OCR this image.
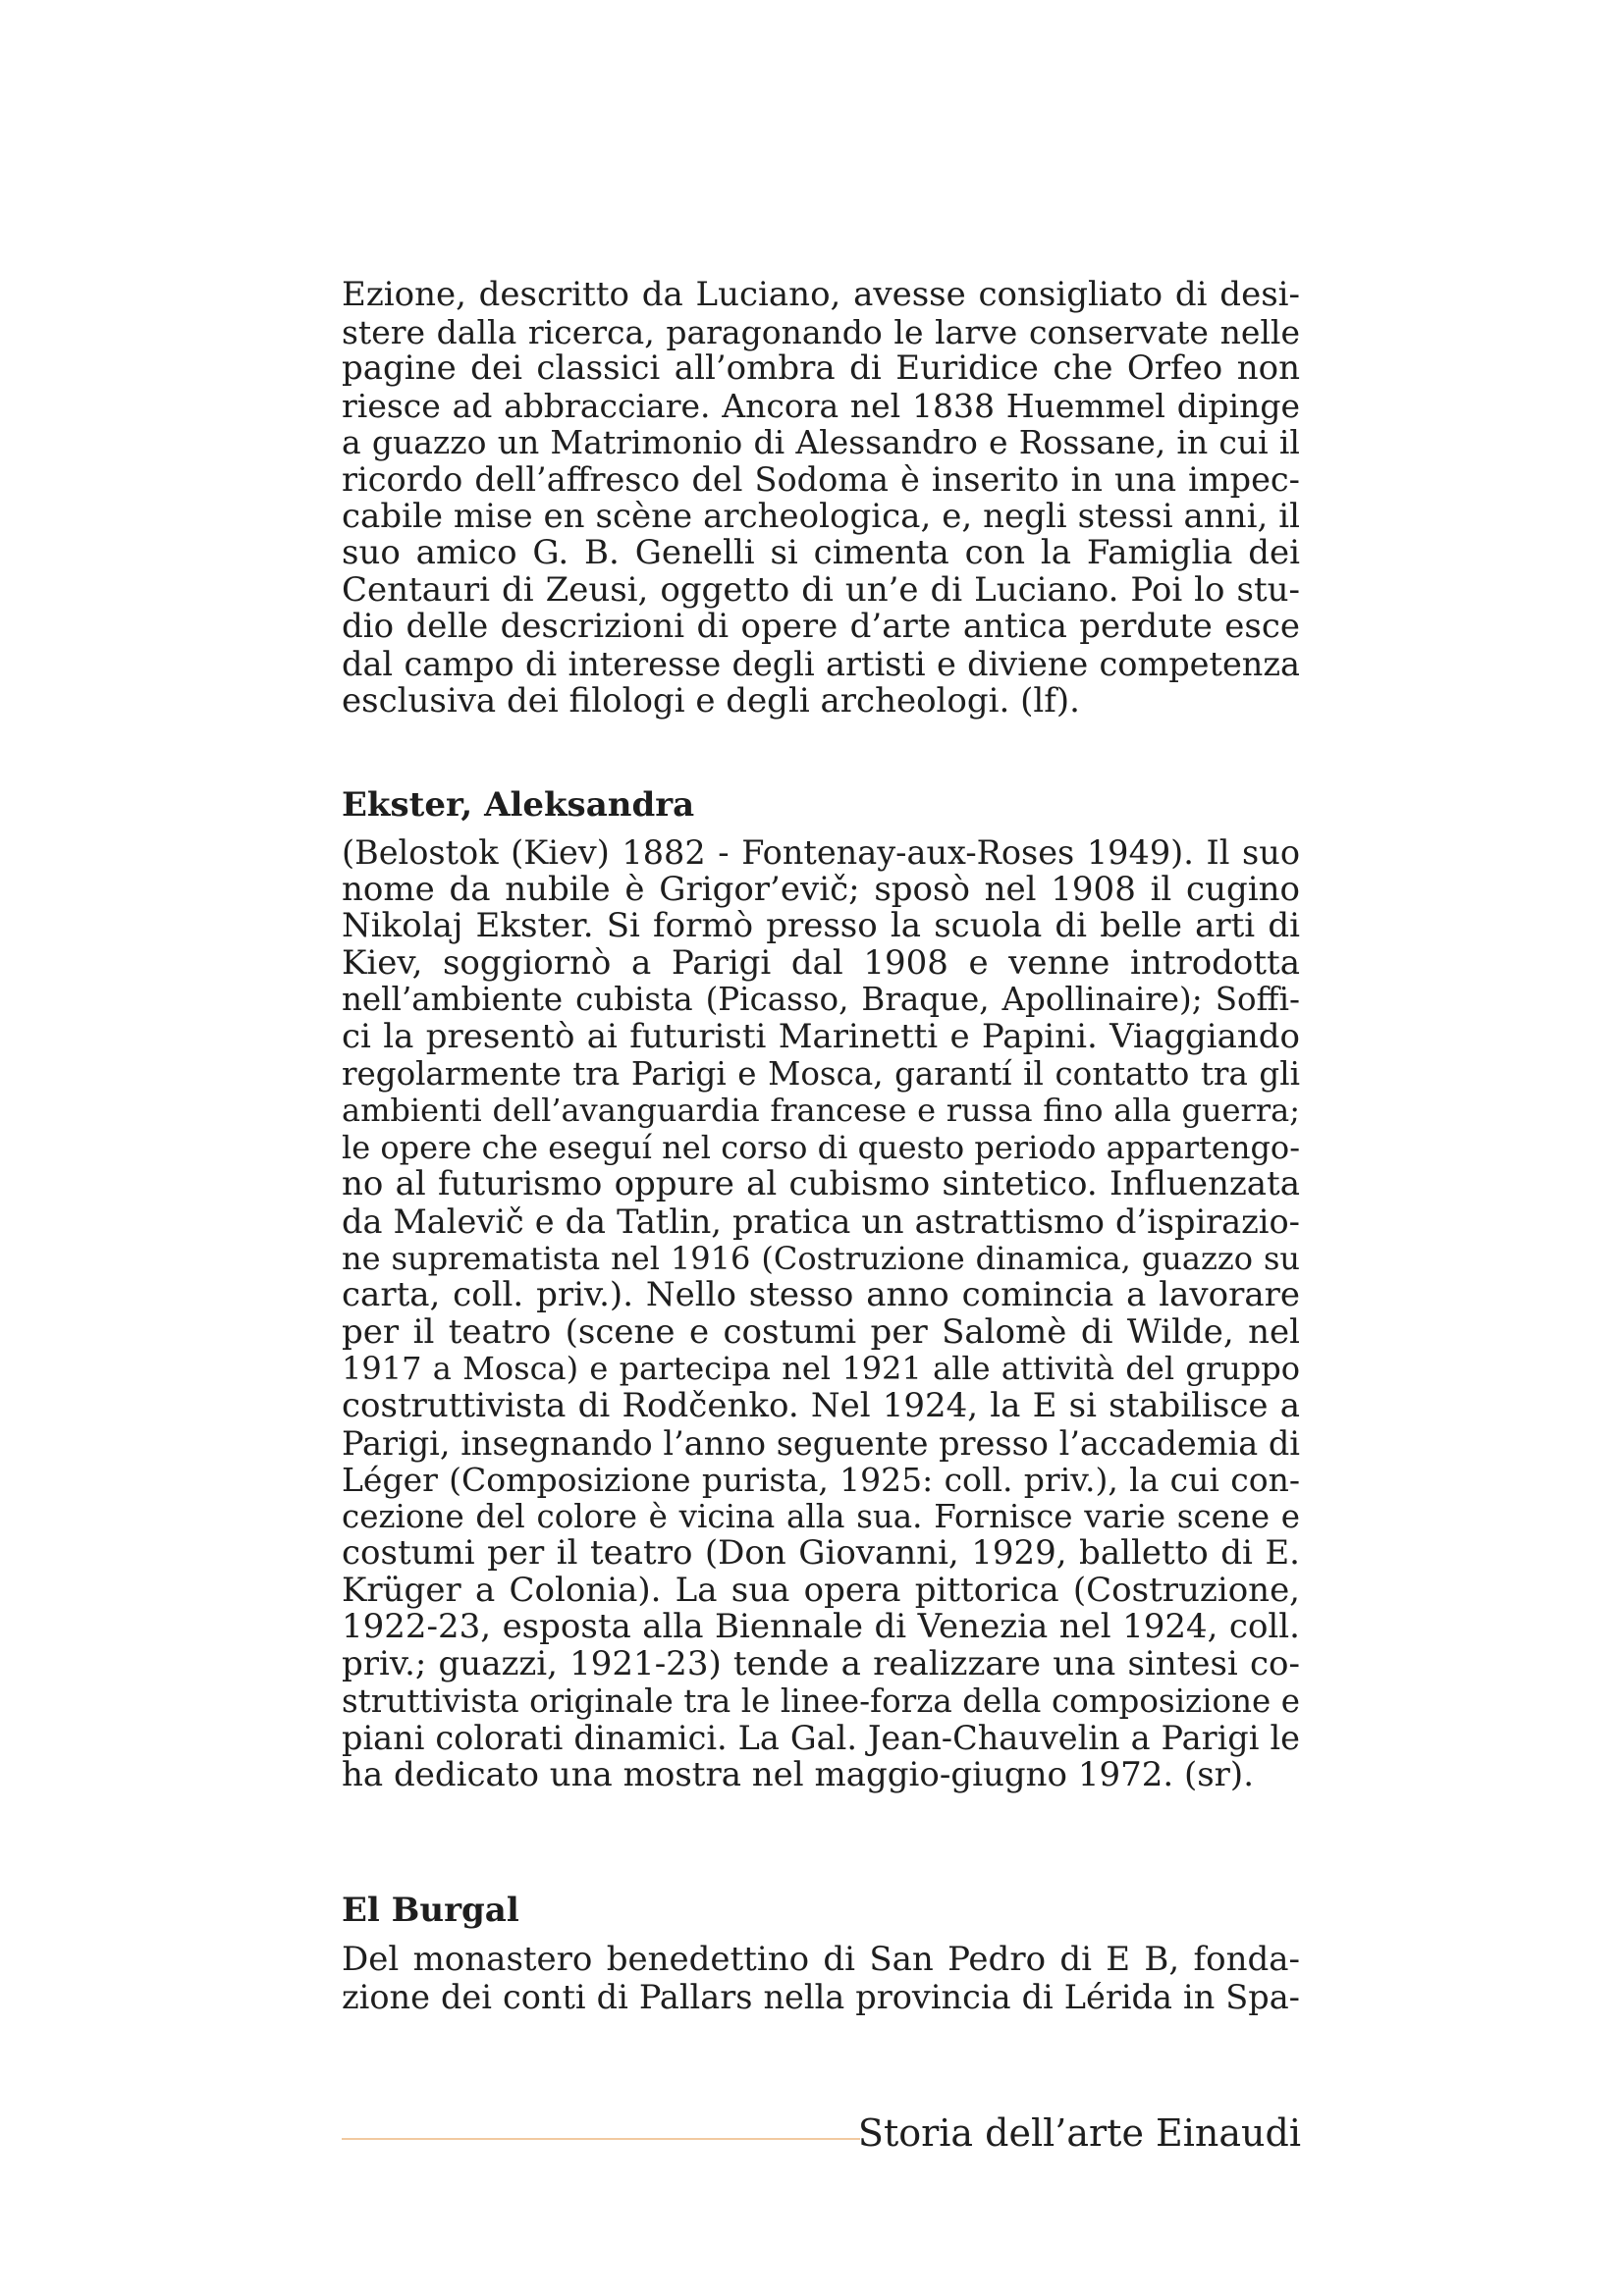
Ezione, descritto da Luciano, avesse consigliato di desi-
stere dalla ricerca, paragonando le larve conservate nelle
pagine dei classici all’ombra di Euridice che Orfeo non
riesce ad abbracciare. Ancora nel 1838 Huemmel dipinge
a guazzo un Matrimonio di Alessandro e Rossane, in cui il
ricordo dell’affresco del Sodoma è inserito in una impec-
cabile mise en scène archeologica, e, negli stessi anni, il
suo amico G. B. Genelli si cimenta con la Famiglia dei
Centauri di Zeusi, oggetto di un’e di Luciano. Poi lo stu-
dio delle descrizioni di opere d’arte antica perdute esce
dal campo di interesse degli artisti e diviene competenza
esclusiva dei filologi e degli archeologi. (lf).
Ekster, Aleksandra
(Belostok (Kiev) 1882 - Fontenay-aux-Roses 1949). Il suo
nome da nubile è Grigor’evič; sposò nel 1908 il cugino
Nikolaj Ekster. Si formò presso la scuola di belle arti di
Kiev, soggiornò a Parigi dal 1908 e venne introdotta
nell’ambiente cubista (Picasso, Braque, Apollinaire); Soffi-
ci la presentò ai futuristi Marinetti e Papini. Viaggiando
regolarmente tra Parigi e Mosca, garantí il contatto tra gli
ambienti dell’avanguardia francese e russa fino alla guerra;
le opere che eseguí nel corso di questo periodo appartengo-
no al futurismo oppure al cubismo sintetico. Influenzata
da Malevič e da Tatlin, pratica un astrattismo d’ispirazio-
ne suprematista nel 1916 (Costruzione dinamica, guazzo su
carta, coll. priv.). Nello stesso anno comincia a lavorare
per il teatro (scene e costumi per Salomè di Wilde, nel
1917 a Mosca) e partecipa nel 1921 alle attività del gruppo
costruttivista di Rodčenko. Nel 1924, la E si stabilisce a
Parigi, insegnando l’anno seguente presso l’accademia di
Léger (Composizione purista, 1925: coll. priv.), la cui con-
cezione del colore è vicina alla sua. Fornisce varie scene e
costumi per il teatro (Don Giovanni, 1929, balletto di E.
Krüger a Colonia). La sua opera pittorica (Costruzione,
1922-23, esposta alla Biennale di Venezia nel 1924, coll.
priv.; guazzi, 1921-23) tende a realizzare una sintesi co-
struttivista originale tra le linee-forza della composizione e
piani colorati dinamici. La Gal. Jean-Chauvelin a Parigi le
ha dedicato una mostra nel maggio-giugno 1972. (sr).
El Burgal
Del monastero benedettino di San Pedro di E B, fonda-
zione dei conti di Pallars nella provincia di Lérida in Spa-
Storia dell’arte Einaudi
